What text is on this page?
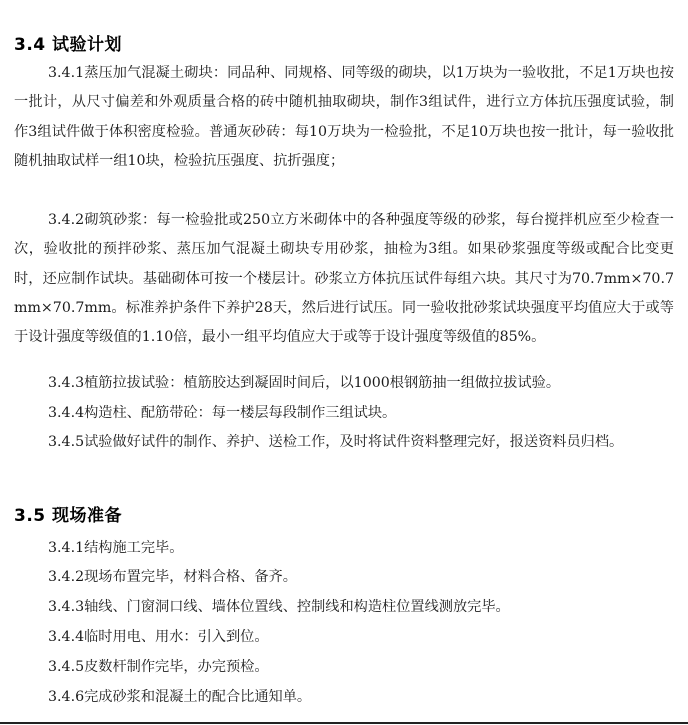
3.4 试验计划
3.4.1蒸压加气混凝土砌块：同品种、同规格、同等级的砌块，以1万块为一验收批，不足1万块也按一批计，从尺寸偏差和外观质量合格的砖中随机抽取砌块，制作3组试件，进行立方体抗压强度试验，制作3组试件做于体积密度检验。普通灰砂砖：每10万块为一检验批，不足10万块也按一批计，每一验收批随机抽取试样一组10块，检验抗压强度、抗折强度；
3.4.2砌筑砂浆：每一检验批或250立方米砌体中的各种强度等级的砂浆，每台搅拌机应至少检查一次，验收批的预拌砂浆、蒸压加气混凝土砌块专用砂浆，抽检为3组。如果砂浆强度等级或配合比变更时，还应制作试块。基础砌体可按一个楼层计。砂浆立方体抗压试件每组六块。其尺寸为70.7mm×70.7mm×70.7mm。标准养护条件下养护28天，然后进行试压。同一验收批砂浆试块强度平均值应大于或等于设计强度等级值的1.10倍，最小一组平均值应大于或等于设计强度等级值的85%。
3.4.3植筋拉拔试验：植筋胶达到凝固时间后，以1000根钢筋抽一组做拉拔试验。
3.4.4构造柱、配筋带砼：每一楼层每段制作三组试块。
3.4.5试验做好试件的制作、养护、送检工作，及时将试件资料整理完好，报送资料员归档。
3.5 现场准备
3.4.1结构施工完毕。
3.4.2现场布置完毕，材料合格、备齐。
3.4.3轴线、门窗洞口线、墙体位置线、控制线和构造柱位置线测放完毕。
3.4.4临时用电、用水：引入到位。
3.4.5皮数杆制作完毕，办完预检。
3.4.6完成砂浆和混凝土的配合比通知单。
